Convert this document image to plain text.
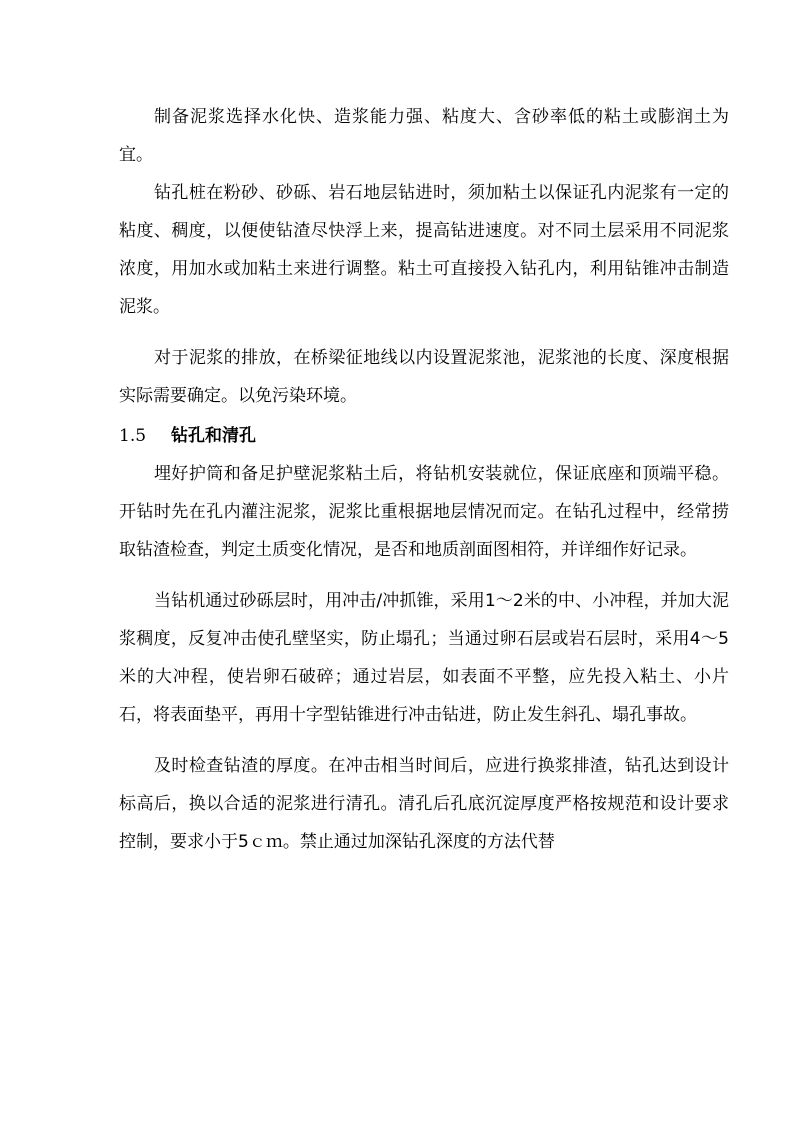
制备泥浆选择水化快、造浆能力强、粘度大、含砂率低的粘土或膨润土为宜。

钻孔桩在粉砂、砂砾、岩石地层钻进时，须加粘土以保证孔内泥浆有一定的粘度、稠度，以便使钻渣尽快浮上来，提高钻进速度。对不同土层采用不同泥浆浓度，用加水或加粘土来进行调整。粘土可直接投入钻孔内，利用钻锥冲击制造泥浆。

对于泥浆的排放，在桥梁征地线以内设置泥浆池，泥浆池的长度、深度根据实际需要确定。以免污染环境。

1.5	钻孔和清孔

埋好护筒和备足护壁泥浆粘土后，将钻机安装就位，保证底座和顶端平稳。开钻时先在孔内灌注泥浆，泥浆比重根据地层情况而定。在钻孔过程中，经常捞取钻渣检查，判定土质变化情况，是否和地质剖面图相符，并详细作好记录。

当钻机通过砂砾层时，用冲击/冲抓锥，采用1～2米的中、小冲程，并加大泥浆稠度，反复冲击使孔壁坚实，防止塌孔；当通过卵石层或岩石层时，采用4～5米的大冲程，使岩卵石破碎；通过岩层，如表面不平整，应先投入粘土、小片石，将表面垫平，再用十字型钻锥进行冲击钻进，防止发生斜孔、塌孔事故。

及时检查钻渣的厚度。在冲击相当时间后，应进行换浆排渣，钻孔达到设计标高后，换以合适的泥浆进行清孔。清孔后孔底沉淀厚度严格按规范和设计要求控制，要求小于5ｃｍ。禁止通过加深钻孔深度的方法代替
